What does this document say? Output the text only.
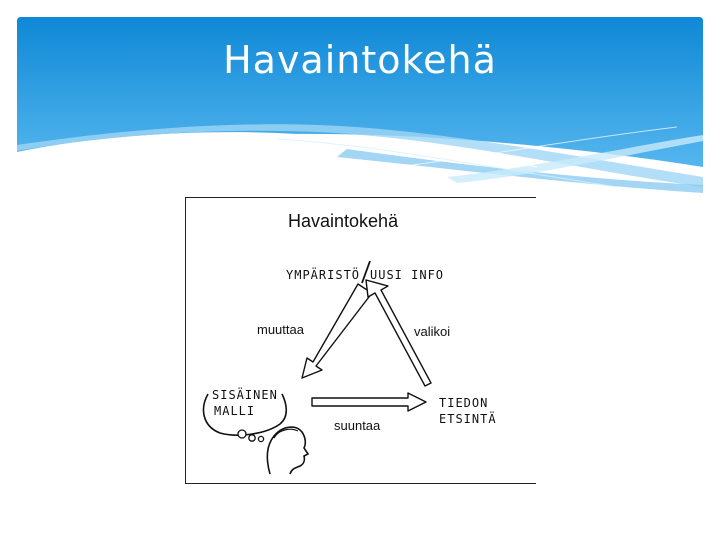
Havaintokehä
Havaintokehä
YMPÄRISTÖ UUSI INFO
muuttaa	valikoi
suuntaa
SISÄINEN
MALLI
TIEDON
ETSINTÄ
